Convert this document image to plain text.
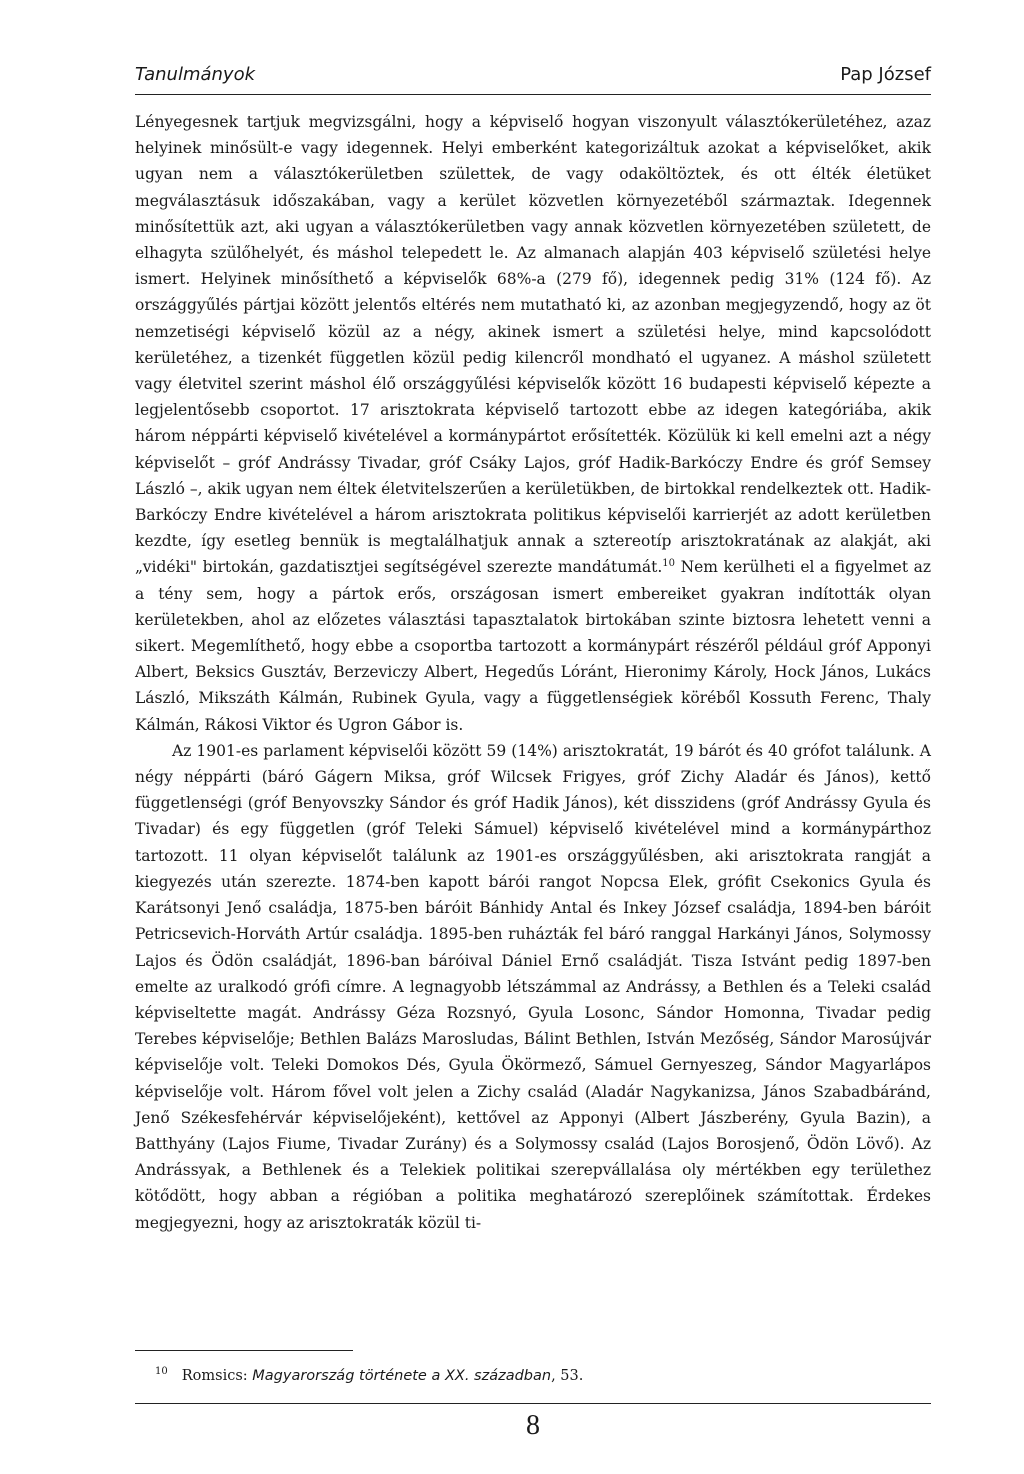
Tanulmányok	Pap József

Lényegesnek tartjuk megvizsgálni, hogy a képviselő hogyan viszonyult választókerületéhez, azaz helyinek minősült-e vagy idegennek. Helyi emberként kategorizáltuk azokat a képviselőket, akik ugyan nem a választókerületben születtek, de vagy odaköltöztek, és ott élték életüket megválasztásuk időszakában, vagy a kerület közvetlen környezetéből származtak. Idegennek minősítettük azt, aki ugyan a választókerületben vagy annak közvetlen környezetében született, de elhagyta szülőhelyét, és máshol telepedett le. Az almanach alapján 403 képviselő születési helye ismert. Helyinek minősíthető a képviselők 68%-a (279 fő), idegennek pedig 31% (124 fő). Az országgyűlés pártjai között jelentős eltérés nem mutatható ki, az azonban megjegyzendő, hogy az öt nemzetiségi képviselő közül az a négy, akinek ismert a születési helye, mind kapcsolódott kerületéhez, a tizenkét független közül pedig kilencről mondható el ugyanez. A máshol született vagy életvitel szerint máshol élő országgyűlési képviselők között 16 budapesti képviselő képezte a legjelentősebb csoportot. 17 arisztokrata képviselő tartozott ebbe az idegen kategóriába, akik három néppárti képviselő kivételével a kormánypártot erősítették. Közülük ki kell emelni azt a négy képviselőt – gróf Andrássy Tivadar, gróf Csáky Lajos, gróf Hadik-Barkóczy Endre és gróf Semsey László –, akik ugyan nem éltek életvitelszerűen a kerületükben, de birtokkal rendelkeztek ott. Hadik-Barkóczy Endre kivételével a három arisztokrata politikus képviselői karrierjét az adott kerületben kezdte, így esetleg bennük is megtalálhatjuk annak a sztereotíp arisztokratának az alakját, aki „vidéki" birtokán, gazdatisztjei segítségével szerezte mandátumát.$^{10}$ Nem kerülheti el a figyelmet az a tény sem, hogy a pártok erős, országosan ismert embereiket gyakran indították olyan kerületekben, ahol az előzetes választási tapasztalatok birtokában szinte biztosra lehetett venni a sikert. Megemlíthető, hogy ebbe a csoportba tartozott a kormánypárt részéről például gróf Apponyi Albert, Beksics Gusztáv, Berzeviczy Albert, Hegedűs Lóránt, Hieronimy Károly, Hock János, Lukács László, Mikszáth Kálmán, Rubinek Gyula, vagy a függetlenségiek köréből Kossuth Ferenc, Thaly Kálmán, Rákosi Viktor és Ugron Gábor is.

Az 1901-es parlament képviselői között 59 (14%) arisztokratát, 19 bárót és 40 grófot találunk. A négy néppárti (báró Gágern Miksa, gróf Wilcsek Frigyes, gróf Zichy Aladár és János), kettő függetlenségi (gróf Benyovszky Sándor és gróf Hadik János), két disszidens (gróf Andrássy Gyula és Tivadar) és egy független (gróf Teleki Sámuel) képviselő kivételével mind a kormánypárthoz tartozott. 11 olyan képviselőt találunk az 1901-es országgyűlésben, aki arisztokrata rangját a kiegyezés után szerezte. 1874-ben kapott bárói rangot Nopcsa Elek, grófit Csekonics Gyula és Karátsonyi Jenő családja, 1875-ben báróit Bánhidy Antal és Inkey József családja, 1894-ben báróit Petricsevich-Horváth Artúr családja. 1895-ben ruházták fel báró ranggal Harkányi János, Solymossy Lajos és Ödön családját, 1896-ban báróival Dániel Ernő családját. Tisza Istvánt pedig 1897-ben emelte az uralkodó grófi címre. A legnagyobb létszámmal az Andrássy, a Bethlen és a Teleki család képviseltette magát. Andrássy Géza Rozsnyó, Gyula Losonc, Sándor Homonna, Tivadar pedig Terebes képviselője; Bethlen Balázs Marosludas, Bálint Bethlen, István Mezőség, Sándor Marosújvár képviselője volt. Teleki Domokos Dés, Gyula Ökörmező, Sámuel Gernyeszeg, Sándor Magyarlápos képviselője volt. Három fővel volt jelen a Zichy család (Aladár Nagykanizsa, János Szabadbáránd, Jenő Székesfehérvár képviselőjeként), kettővel az Apponyi (Albert Jászberény, Gyula Bazin), a Batthyány (Lajos Fiume, Tivadar Zurány) és a Solymossy család (Lajos Borosjenő, Ödön Lövő). Az Andrássyak, a Bethlenek és a Telekiek politikai szerepvállalása oly mértékben egy területhez kötődött, hogy abban a régióban a politika meghatározó szereplőinek számítottak. Érdekes megjegyezni, hogy az arisztokraták közül ti-

$^{10}$ Romsics: Magyarország története a XX. században, 53.
8
